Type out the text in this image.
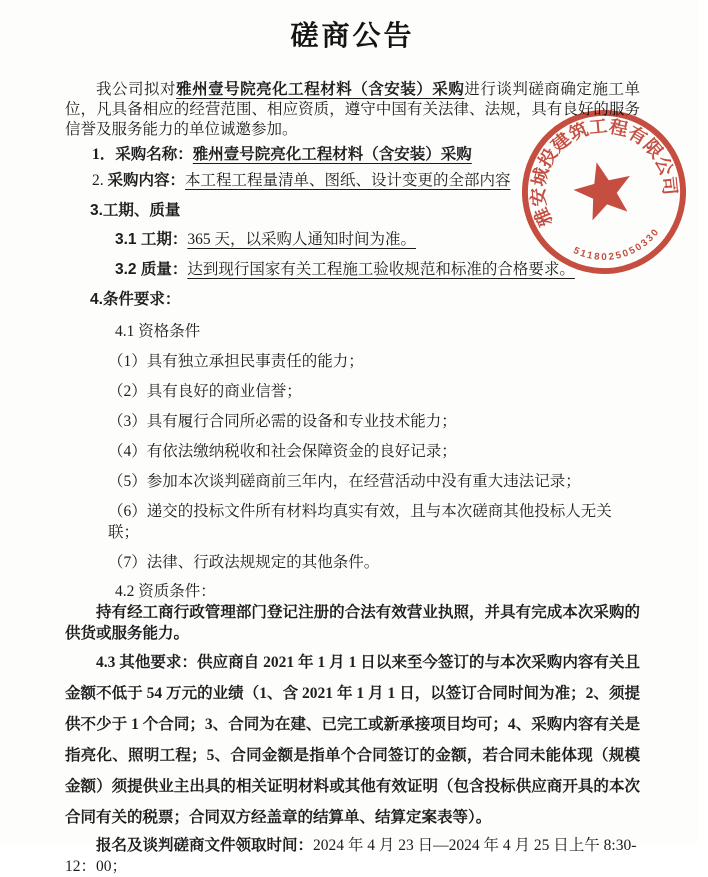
磋商公告

我公司拟对雅州壹号院亮化工程材料（含安装）采购进行谈判磋商确定施工单位，凡具备相应的经营范围、相应资质，遵守中国有关法律、法规，具有良好的服务信誉及服务能力的单位诚邀参加。

1．采购名称：雅州壹号院亮化工程材料（含安装）采购

2. 采购内容：本工程工程量清单、图纸、设计变更的全部内容

3.工期、质量

3.1 工期：365 天，以采购人通知时间为准。

3.2 质量：达到现行国家有关工程施工验收规范和标准的合格要求。

4.条件要求：

4.1 资格条件

（1）具有独立承担民事责任的能力；

（2）具有良好的商业信誉；

（3）具有履行合同所必需的设备和专业技术能力；

（4）有依法缴纳税收和社会保障资金的良好记录；

（5）参加本次谈判磋商前三年内，在经营活动中没有重大违法记录；

（6）递交的投标文件所有材料均真实有效，且与本次磋商其他投标人无关联；

（7）法律、行政法规规定的其他条件。

4.2 资质条件：

持有经工商行政管理部门登记注册的合法有效营业执照，并具有完成本次采购的供货或服务能力。

4.3 其他要求：供应商自 2021 年 1 月 1 日以来至今签订的与本次采购内容有关且金额不低于 54 万元的业绩（1、含 2021 年 1 月 1 日，以签订合同时间为准；2、须提供不少于 1 个合同；3、合同为在建、已完工或新承接项目均可；4、采购内容有关是指亮化、照明工程；5、合同金额是指单个合同签订的金额，若合同未能体现（规模金额）须提供业主出具的相关证明材料或其他有效证明（包含投标供应商开具的本次合同有关的税票；合同双方经盖章的结算单、结算定案表等）。

报名及谈判磋商文件领取时间：2024 年 4 月 23 日—2024 年 4 月 25 日上午 8:30-12：00；

雅安城投建筑工程有限公司
5118025050330
